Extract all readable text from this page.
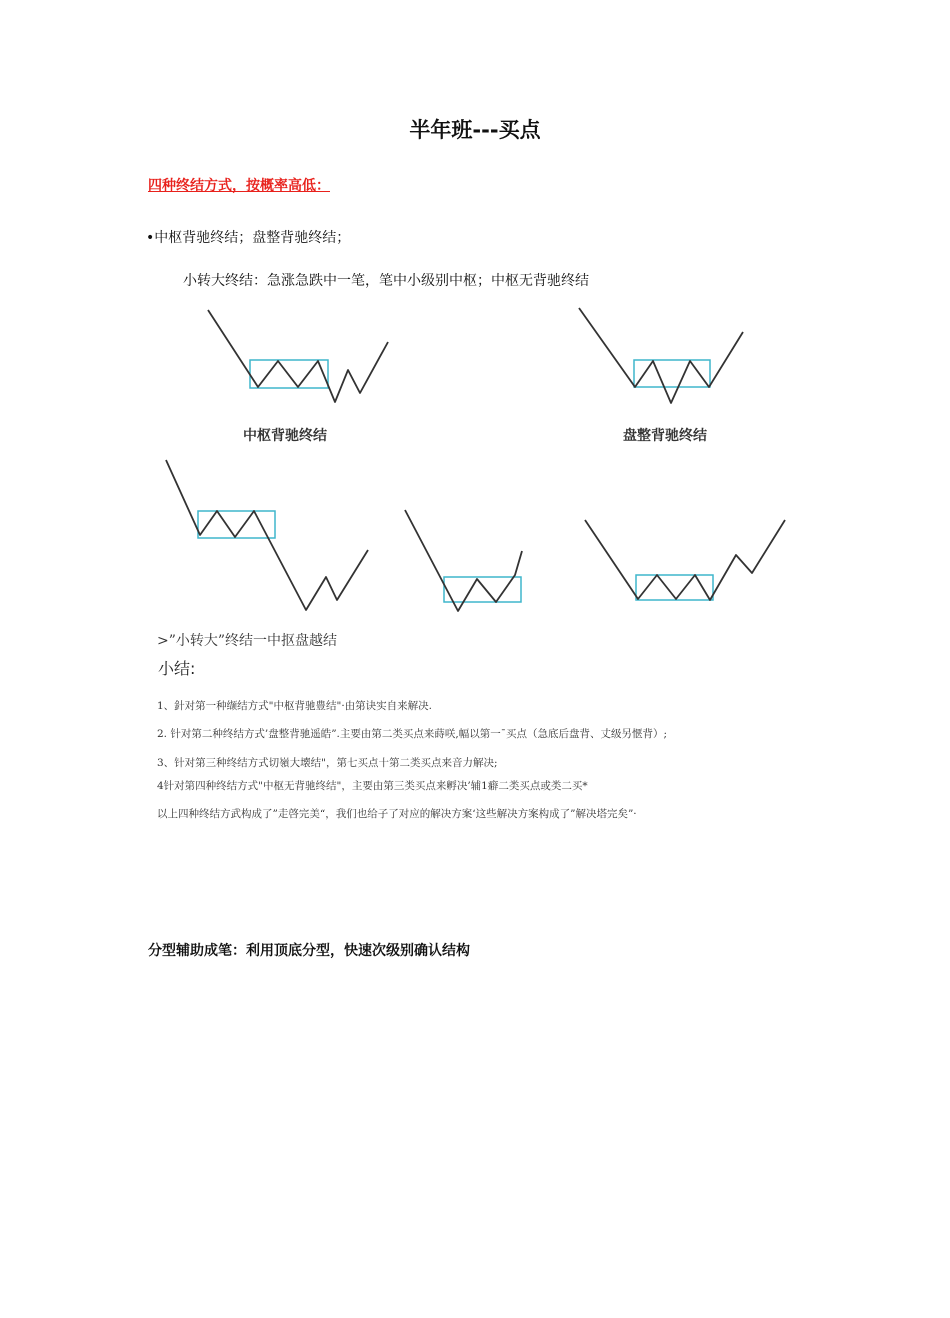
半年班---买点
四种终结方式，按概率高低：
•中枢背驰终结；盘整背驰终结；
小转大终结：急涨急跌中一笔，笔中小级别中枢；中枢无背驰终结
中枢背驰终结	盘整背驰终结
>”小转大”终结一中抠盘越结
小结:
1、針对第一种缬结方式"中枢背驰豊结"·由第诀实自来解决.
2. 针对第二种终结方式’盘整背驰遥皓”.主要由第二类买点来蒔咲,幅以第一ˉ买点（急底后盘背、丈级另惬背）;
3、针对第三种终结方式切嶺大壊结"，第七买点十第二类买点来音力解决;
4针对第四种终结方式"中枢无背驰终结"，主要由第三类买点来孵决’辅1癖二类买点或类二买*
以上四种终结方武构成了”走啓完美“，我们也给子了对应的解决方案‘这些解决方案构成了”解决塔完矣”·
分型辅助成笔：利用顶底分型，快速次级别确认结构
